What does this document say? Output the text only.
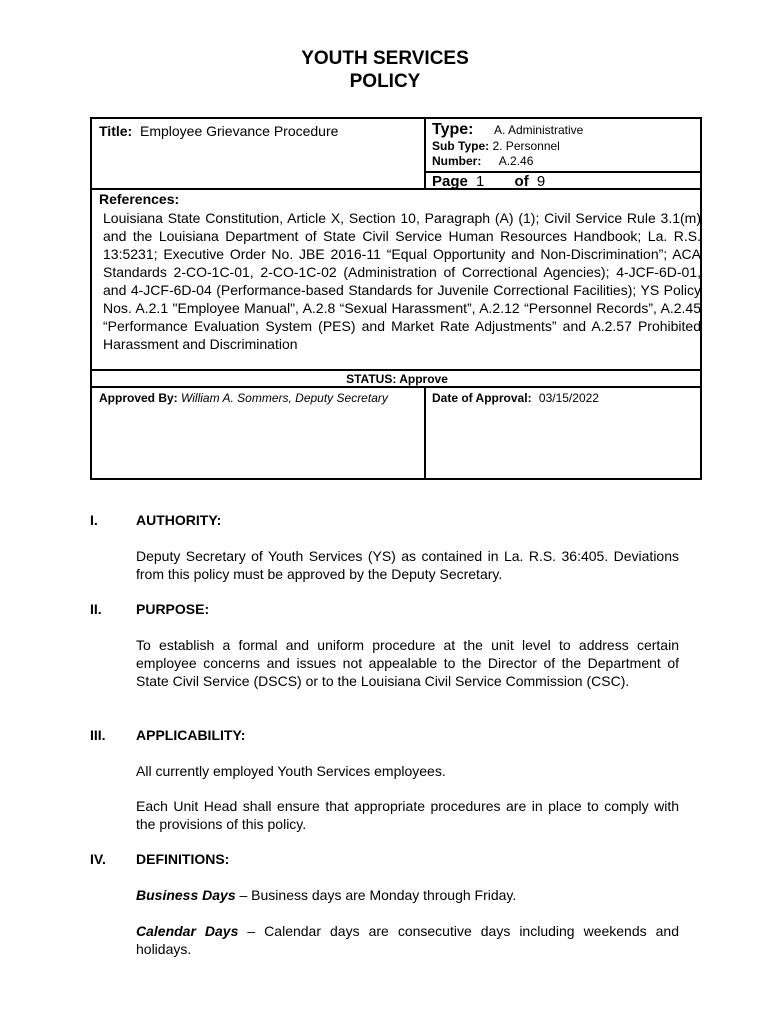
YOUTH SERVICES
POLICY
Title: Employee Grievance Procedure	Type: A. Administrative
Sub Type: 2. Personnel
Number: A.2.46
Page 1 of 9
References:
Louisiana State Constitution, Article X, Section 10, Paragraph (A) (1); Civil Service Rule 3.1(m) and the Louisiana Department of State Civil Service Human Resources Handbook; La. R.S. 13:5231; Executive Order No. JBE 2016-11 “Equal Opportunity and Non-Discrimination”; ACA Standards 2-CO-1C-01, 2-CO-1C-02 (Administration of Correctional Agencies); 4-JCF-6D-01, and 4-JCF-6D-04 (Performance-based Standards for Juvenile Correctional Facilities); YS Policy Nos. A.2.1 "Employee Manual", A.2.8 “Sexual Harassment”, A.2.12 “Personnel Records”, A.2.45 “Performance Evaluation System (PES) and Market Rate Adjustments” and A.2.57 Prohibited Harassment and Discrimination
STATUS: Approve
Approved By: William A. Sommers, Deputy Secretary	Date of Approval: 03/15/2022
I.	AUTHORITY:
Deputy Secretary of Youth Services (YS) as contained in La. R.S. 36:405. Deviations from this policy must be approved by the Deputy Secretary.
II. PURPOSE:
To establish a formal and uniform procedure at the unit level to address certain employee concerns and issues not appealable to the Director of the Department of State Civil Service (DSCS) or to the Louisiana Civil Service Commission (CSC).
III. APPLICABILITY:
All currently employed Youth Services employees.
Each Unit Head shall ensure that appropriate procedures are in place to comply with the provisions of this policy.
IV. DEFINITIONS:
Business Days – Business days are Monday through Friday.
Calendar Days – Calendar days are consecutive days including weekends and holidays.
